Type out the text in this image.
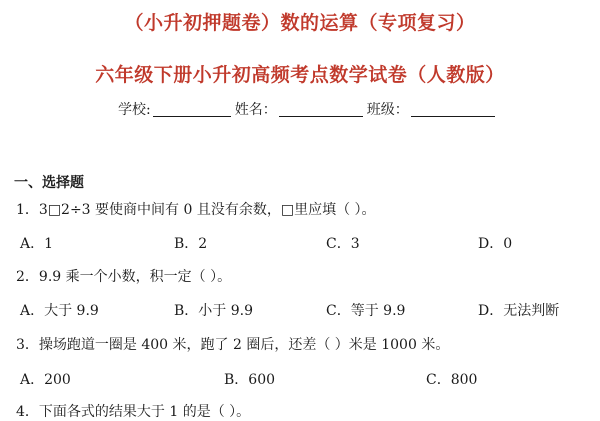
（小升初押题卷）数的运算（专项复习）
六年级下册小升初高频考点数学试卷（人教版）
学校:	姓名：	班级：
一、选择题
1．3□2÷3 要使商中间有 0 且没有余数，□里应填（ ）。
A．1	B．2	C．3	D．0
2．9.9 乘一个小数，积一定（ ）。
A．大于 9.9	B．小于 9.9	C．等于 9.9	D．无法判断
3．操场跑道一圈是 400 米，跑了 2 圈后，还差（ ）米是 1000 米。
A．200	B．600	C．800
4．下面各式的结果大于 1 的是（ ）。
